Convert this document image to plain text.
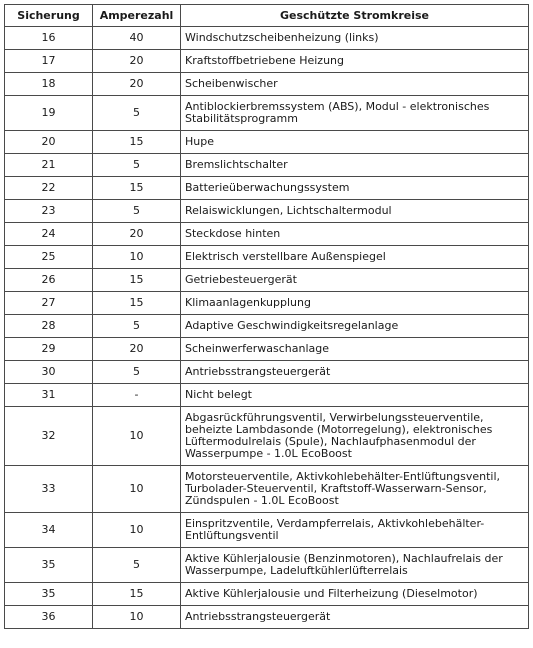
Sicherung	Amperezahl	Geschützte Stromkreise
16	40	Windschutzscheibenheizung (links)
17	20	Kraftstoffbetriebene Heizung
18	20	Scheibenwischer
19	5	Antiblockierbremssystem (ABS), Modul - elektronisches Stabilitätsprogramm
20	15	Hupe
21	5	Bremslichtschalter
22	15	Batterieüberwachungssystem
23	5	Relaiswicklungen, Lichtschaltermodul
24	20	Steckdose hinten
25	10	Elektrisch verstellbare Außenspiegel
26	15	Getriebesteuergerät
27	15	Klimaanlagenkupplung
28	5	Adaptive Geschwindigkeitsregelanlage
29	20	Scheinwerferwaschanlage
30	5	Antriebsstrangsteuergerät
31	-	Nicht belegt
32	10	Abgasrückführungsventil, Verwirbelungssteuerventile, beheizte Lambdasonde (Motorregelung), elektronisches Lüftermodulrelais (Spule), Nachlaufphasenmodul der Wasserpumpe - 1.0L EcoBoost
33	10	Motorsteuerventile, Aktivkohlebehälter-Entlüftungsventil, Turbolader-Steuerventil, Kraftstoff-Wasserwarn-Sensor, Zündspulen - 1.0L EcoBoost
34	10	Einspritzventile, Verdampferrelais, Aktivkohlebehälter-Entlüftungsventil
35	5	Aktive Kühlerjalousie (Benzinmotoren), Nachlaufrelais der Wasserpumpe, Ladeluftkühlerlüfterrelais
35	15	Aktive Kühlerjalousie und Filterheizung (Dieselmotor)
36	10	Antriebsstrangsteuergerät
